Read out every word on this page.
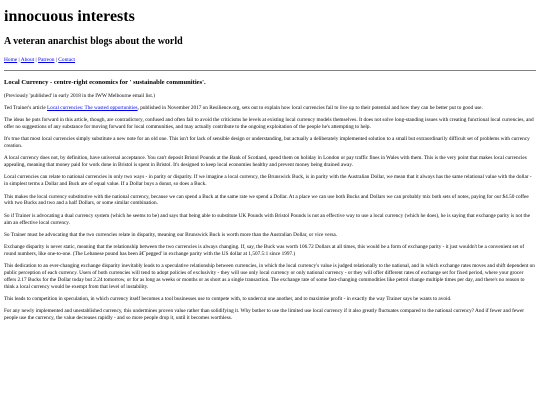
innocuous interests
A veteran anarchist blogs about the world
Home | About | Patreon | Contact
Local Currency - centre-right economics for ' sustainable communities'.

(Previously 'published' in early 2018 in the IWW Melbourne email list.)

Ted Trainer's article Local currencies: The wasted opportunities, published in November 2017 on Resilience.org, sets out to explain how local currencies fail to live up to their potential and how they can be better put to good use.

The ideas he puts forward in this article, though, are contradictory, confused and often fail to avoid the criticisms he levels at existing local currency models themselves. It does not solve long-standing issues with creating functional local currencies, and offer no suggestions of any substance for moving forward for local communities, and may actually contribute to the ongoing exploitation of the people he's attempting to help.

It's true that most local currencies simply substitute a new note for an old one. This isn't for lack of sensible design or understanding, but actually a deliberately implemented solution to a small but extraordinarily difficult set of problems with currency creation.

A local currency does not, by definition, have universal acceptance. You can't deposit Bristol Pounds at the Bank of Scotland, spend them on holiday in London or pay traffic fines in Wales with them. This is the very point that makes local currencies appealing, meaning that money paid for work done in Bristol is spent in Bristol. It's designed to keep local economies healthy and prevent money being drained away.

Local currencies can relate to national currencies in only two ways - in parity or disparity. If we imagine a local currency, the Brunswick Buck, is in parity with the Australian Dollar, we mean that it always has the same relational value with the dollar - in simplest terms a Dollar and Buck are of equal value. If a Dollar buys a donut, so does a Buck.

This makes the local currency substitutive with the national currency, because we can spend a Buck at the same rate we spend a Dollar. At a place we can use both Bucks and Dollars we can probably mix both sets of notes, paying for our $4.50 coffee with two Bucks and two and a half Dollars, or some similar combination.

So if Trainer is advocating a dual currency system (which he seems to be) and says that being able to substitute UK Pounds with Bristol Pounds is not an effective way to use a local currency (which he does), he is saying that exchange parity is not the aim an effective local currency.

So Trainer must be advocating that the two currencies relate in disparity, meaning our Brunswick Buck is worth more than the Australian Dollar, or vice versa.

Exchange disparity is never static, meaning that the relationship between the two currencies is always changing. If, say, the Buck was worth 106.72 Dollars at all times, this would be a form of exchange parity - it just wouldn't be a convenient set of round numbers, like one-to-one. (The Lebanese pound has been â€˜pegged' in exchange parity with the US dollar at 1,507.5:1 since 1997.)

This dedication to an ever-changing exchange disparity inevitably leads to a speculative relationship between currencies, in which the local currency's value is judged relationally to the national, and in which exchange rates moves and shift dependent on public perception of each currency. Users of both currencies will tend to adopt policies of exclusivity - they will use only local currency or only national currency - or they will offer different rates of exchange set for fixed period, where your grocer offers 2.17 Bucks for the Dollar today but 2.24 tomorrow, or for as long as weeks or months or as short as a single transaction. The exchange rate of some fast-changing commodities like petrol change multiple times per day, and there's no reason to think a local currency would be exempt from that level of instability.

This leads to competition in speculation, in which currency itself becomes a tool businesses use to compete with, to undercut one another, and to maximise profit - in exactly the way Trainer says he wants to avoid.

For any newly implemented and unestablished currency, this undermines proven value rather than solidifying it. Why bother to use the limited use local currency if it also greatly fluctuates compared to the national currency? And if fewer and fewer people use the currency, the value decreases rapidly - and so more people drop it, until it becomes worthless.
